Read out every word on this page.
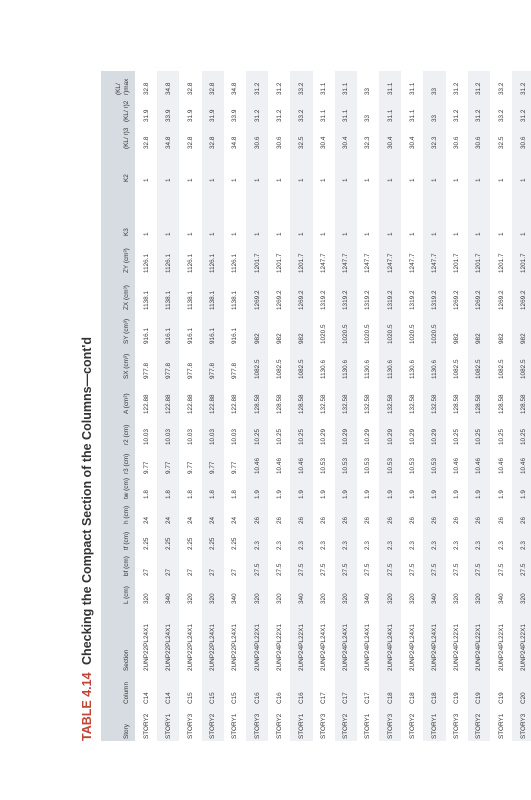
TABLE 4.14 Checking the Compact Section of the Columns—cont'd
Story	Column	Section	L (cm)	bf (cm)	tf (cm)	h (cm)	tw (cm)	r3 (cm)	r2 (cm)	A (cm²)	SX (cm³)	SY (cm³)	ZX (cm³)	ZY (cm³)	K3	K2	(KL/ r)3	(KL/ r)2	(KL/ r)max
STORY2	C14	2UNP22PL24X1	320	27	2.25	24	1.8	9.77	10.03	122.88	977.8	916.1	1138.1	1126.1	1	1	32.8	31.9	32.8
STORY1	C14	2UNP22PL24X1	340	27	2.25	24	1.8	9.77	10.03	122.88	977.8	916.1	1138.1	1126.1	1	1	34.8	33.9	34.8
STORY3	C15	2UNP22PL24X1	320	27	2.25	24	1.8	9.77	10.03	122.88	977.8	916.1	1138.1	1126.1	1	1	32.8	31.9	32.8
STORY2	C15	2UNP22PL24X1	320	27	2.25	24	1.8	9.77	10.03	122.88	977.8	916.1	1138.1	1126.1	1	1	32.8	31.9	32.8
STORY1	C15	2UNP22PL24X1	340	27	2.25	24	1.8	9.77	10.03	122.88	977.8	916.1	1138.1	1126.1	1	1	34.8	33.9	34.8
STORY3	C16	2UNP24PL22X1	320	27.5	2.3	26	1.9	10.46	10.25	128.58	1082.5	982	1269.2	1201.7	1	1	30.6	31.2	31.2
STORY2	C16	2UNP24PL22X1	320	27.5	2.3	26	1.9	10.46	10.25	128.58	1082.5	982	1269.2	1201.7	1	1	30.6	31.2	31.2
STORY1	C16	2UNP24PL22X1	340	27.5	2.3	26	1.9	10.46	10.25	128.58	1082.5	982	1269.2	1201.7	1	1	32.5	33.2	33.2
STORY3	C17	2UNP24PL24X1	320	27.5	2.3	26	1.9	10.53	10.29	132.58	1130.6	1020.5	1319.2	1247.7	1	1	30.4	31.1	31.1
STORY2	C17	2UNP24PL24X1	320	27.5	2.3	26	1.9	10.53	10.29	132.58	1130.6	1020.5	1319.2	1247.7	1	1	30.4	31.1	31.1
STORY1	C17	2UNP24PL24X1	340	27.5	2.3	26	1.9	10.53	10.29	132.58	1130.6	1020.5	1319.2	1247.7	1	1	32.3	33	33
STORY3	C18	2UNP24PL24X1	320	27.5	2.3	26	1.9	10.53	10.29	132.58	1130.6	1020.5	1319.2	1247.7	1	1	30.4	31.1	31.1
STORY2	C18	2UNP24PL24X1	320	27.5	2.3	26	1.9	10.53	10.29	132.58	1130.6	1020.5	1319.2	1247.7	1	1	30.4	31.1	31.1
STORY1	C18	2UNP24PL24X1	340	27.5	2.3	26	1.9	10.53	10.29	132.58	1130.6	1020.5	1319.2	1247.7	1	1	32.3	33	33
STORY3	C19	2UNP24PL22X1	320	27.5	2.3	26	1.9	10.46	10.25	128.58	1082.5	982	1269.2	1201.7	1	1	30.6	31.2	31.2
STORY2	C19	2UNP24PL22X1	320	27.5	2.3	26	1.9	10.46	10.25	128.58	1082.5	982	1269.2	1201.7	1	1	30.6	31.2	31.2
STORY1	C19	2UNP24PL22X1	340	27.5	2.3	26	1.9	10.46	10.25	128.58	1082.5	982	1269.2	1201.7	1	1	32.5	33.2	33.2
STORY3	C20	2UNP24PL22X1	320	27.5	2.3	26	1.9	10.46	10.25	128.58	1082.5	982	1269.2	1201.7	1	1	30.6	31.2	31.2
